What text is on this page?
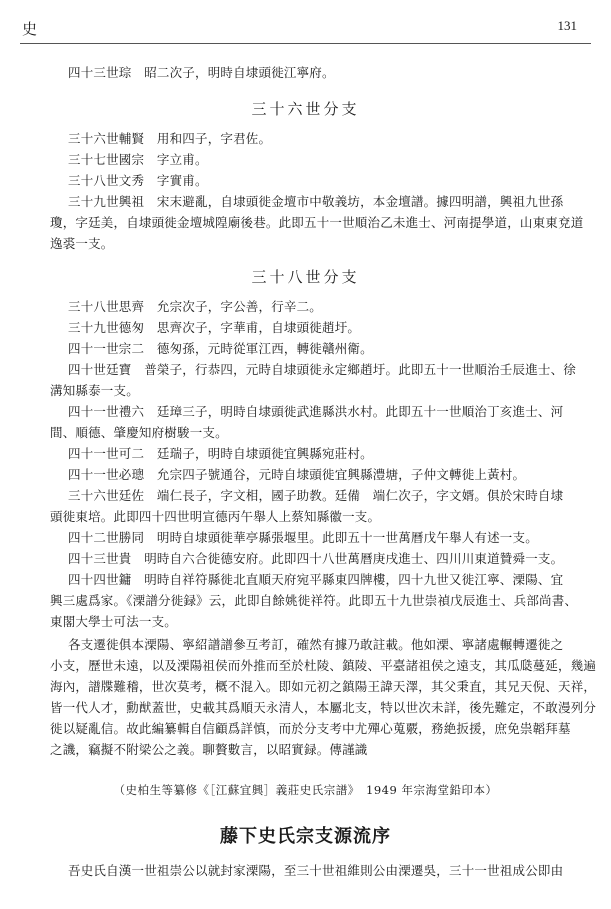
史	131
四十三世琮　昭二次子，明時自埭頭徙江寧府。
三十六世分支
三十六世輔賢　用和四子，字君佐。
三十七世國宗　字立甫。
三十八世文秀　字實甫。
三十九世興祖　宋末避亂，自埭頭徙金壇市中敬義坊，本金壇譜。據四明譜，興祖九世孫
瓊，字廷美，自埭頭徙金壇城隍廟後巷。此即五十一世順治乙未進士、河南提學道，山東東兗道
逸裘一支。
三十八世分支
三十八世思齊　允宗次子，字公善，行辛二。
三十九世德匆　思齊次子，字華甫，自埭頭徙趙圩。
四十一世宗二　德匆孫，元時從軍江西，轉徙贛州衛。
四十世廷寶　普榮子，行恭四，元時自埭頭徙永定鄉趙圩。此即五十一世順治壬辰進士、徐
溝知縣泰一支。
四十一世禮六　廷璋三子，明時自埭頭徙武進縣洪水村。此即五十一世順治丁亥進士、河
間、順德、肇慶知府樹駿一支。
四十一世可二　廷瑞子，明時自埭頭徙宜興縣宛莊村。
四十一世必璁　允宗四子號通谷，元時自埭頭徙宜興縣澧塘，子仲文轉徙上黃村。
三十六世廷佐　端仁長子，字文相，國子助教。廷備　端仁次子，字文婿。俱於宋時自埭
頭徙東培。此即四十四世明宣德丙午舉人上蔡知縣徽一支。
四十二世勝同　明時自埭頭徙華亭縣張堰里。此即五十一世萬曆戊午舉人有述一支。
四十三世貴　明時自六合徙德安府。此即四十八世萬曆庚戌進士、四川川東道贊舜一支。
四十四世鏞　明時自祥符縣徙北直順天府宛平縣東四牌樓，四十九世又徙江寧、溧陽、宜
興三處爲家。《溧譜分徙録》云，此即自餘姚徙祥符。此即五十九世崇禎戊辰進士、兵部尚書、
東閣大學士可法一支。
各支遷徙俱本溧陽、寧紹譜譜參互考訂，確然有據乃敢註載。他如溧、寧諸處輾轉遷徙之
小支，歷世未遠，以及溧陽祖侯而外推而至於杜陵、鎮陵、平臺諸祖侯之遠支，其瓜瓞蔓延，幾遍
海內，譜牒難稽，世次莫考，概不混入。即如元初之鎮陽王諱天澤，其父秉直，其兄天倪、天祥，
皆一代人才，勳猷蓋世，史載其爲順天永清人，本屬北支，特以世次未詳，後先難定，不敢漫列分
徙以疑亂信。故此編纂輯自信顧爲詳慎，而於分支考中尤殫心蒐覈，務絶扳援，庶免祟韜拜墓
之譏，竊擬不附梁公之義。聊贅數言，以昭實録。傳謹識
（史柏生等纂修《［江蘇宜興］義莊史氏宗譜》　1949 年宗海堂鉛印本）
藤下史氏宗支源流序
吾史氏自漢一世祖崇公以就封家溧陽，至三十世祖維則公由溧遷吳，三十一世祖成公即由
